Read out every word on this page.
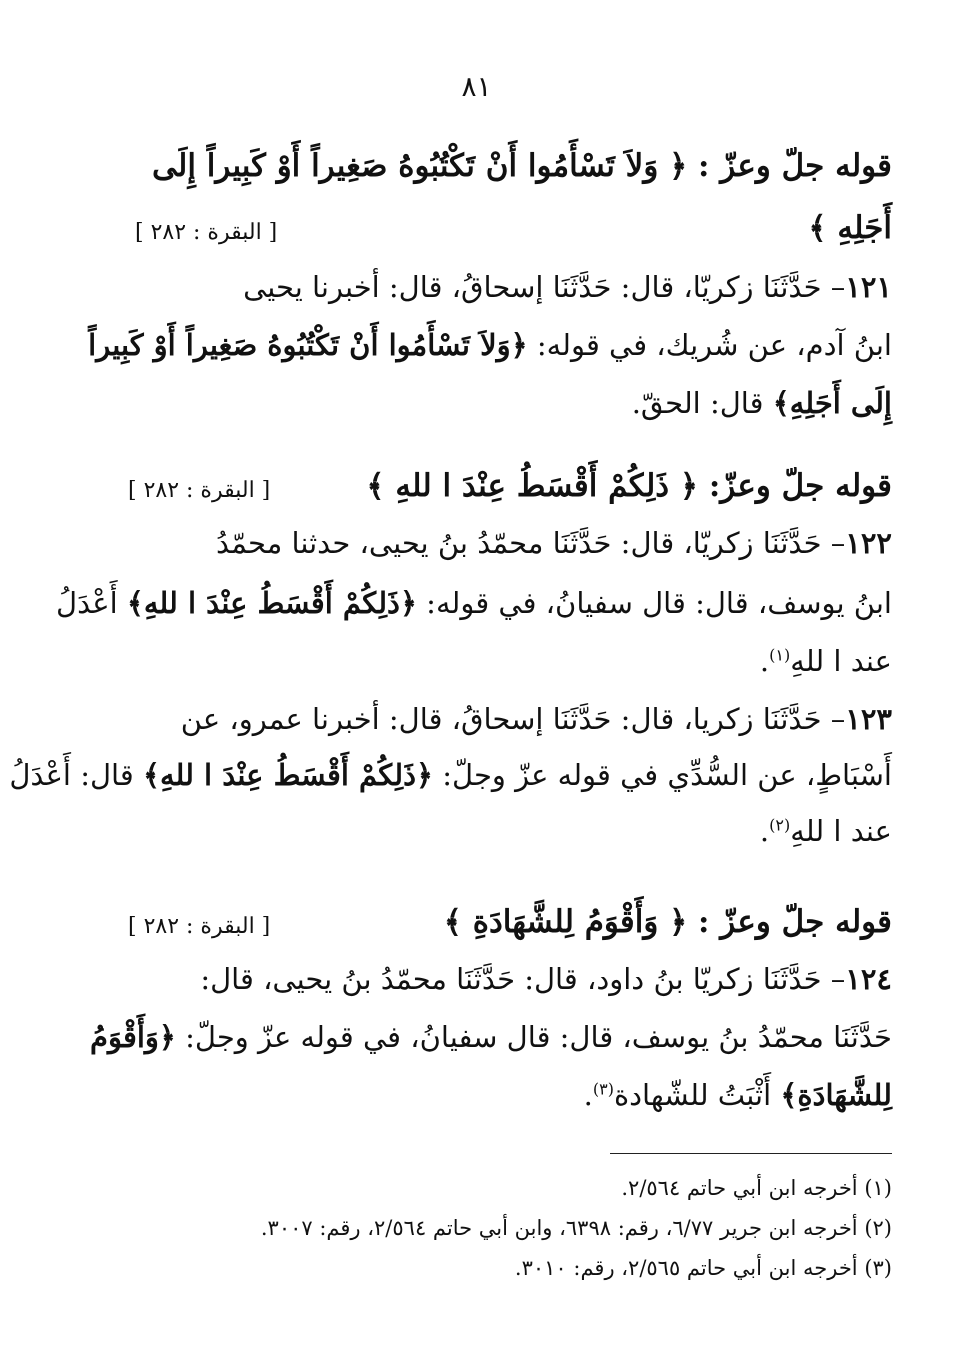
٨١
قوله جلّ وعزّ : ﴿ وَلاَ تَسْأَمُوا أَنْ تَكْتُبُوهُ صَغِيراً أَوْ كَبِيراً إِلَى
أَجَلِهِ ﴾
[ البقرة : ٢٨٢ ]
١٢١– حَدَّثَنَا زكريّا، قال: حَدَّثَنَا إسحاقُ، قال: أخبرنا يحيى
ابنُ آدم، عن شُريك، في قوله: ﴿وَلاَ تَسْأَمُوا أَنْ تَكْتُبُوهُ صَغِيراً أَوْ كَبِيراً
إِلَى أَجَلِهِ﴾ قال: الحقّ.
قوله جلّ وعزّ: ﴿ ذَلِكُمْ أَقْسَطُ عِنْدَ ا للهِ ﴾
[ البقرة : ٢٨٢ ]
١٢٢– حَدَّثَنَا زكريّا، قال: حَدَّثَنَا محمّدُ بنُ يحيى، حدثنا محمّدُ
ابنُ يوسف، قال: قال سفيانُ، في قوله: ﴿ذَلِكُمْ أَقْسَطُ عِنْدَ ا للهِ﴾ أَعْدَلُ
عند ا للهِ$^{(١)}$.
١٢٣– حَدَّثَنَا زكريا، قال: حَدَّثَنَا إسحاقُ، قال: أخبرنا عمرو، عن
أَسْبَاطٍ، عن السُّدِّي في قوله عزّ وجلّ: ﴿ذَلِكُمْ أَقْسَطُ عِنْدَ ا للهِ﴾ قال: أَعْدَلُ
عند ا للهِ$^{(٢)}$.
قوله جلّ وعزّ : ﴿ وَأَقْوَمُ لِلشَّهَادَةِ ﴾
[ البقرة : ٢٨٢ ]
١٢٤– حَدَّثَنَا زكريّا بنُ داود، قال: حَدَّثَنَا محمّدُ بنُ يحيى، قال:
حَدَّثَنَا محمّدُ بنُ يوسف، قال: قال سفيانُ، في قوله عزّ وجلّ: ﴿وَأَقْوَمُ
لِلشَّهَادَةِ﴾ أَثْبَتُ للشّهادة$^{(٣)}$.
(١) أخرجه ابن أبي حاتم ٢/٥٦٤.
(٢) أخرجه ابن جرير ٦/٧٧، رقم: ٦٣٩٨، وابن أبي حاتم ٢/٥٦٤، رقم: ٣٠٠٧.
(٣) أخرجه ابن أبي حاتم ٢/٥٦٥، رقم: ٣٠١٠.
